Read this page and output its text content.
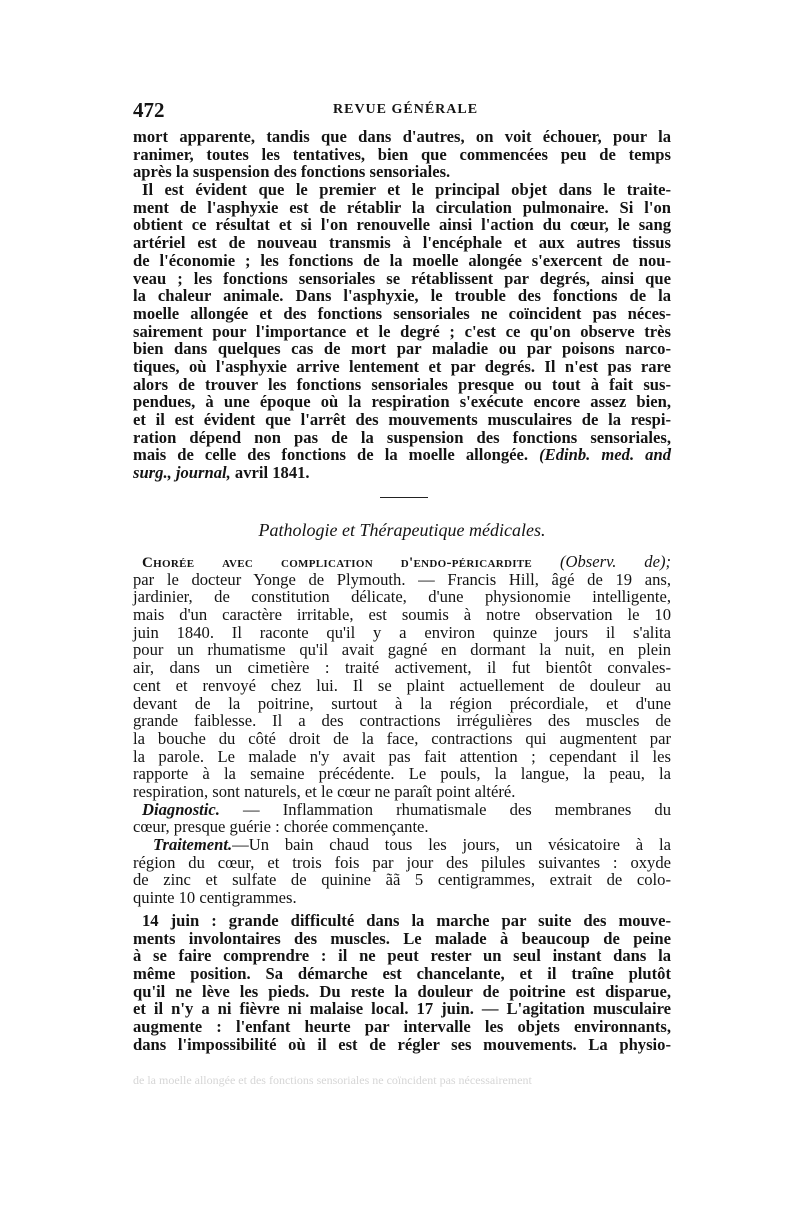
472	REVUE GÉNÉRALE
mort apparente, tandis que dans d'autres, on voit échouer, pour la
ranimer, toutes les tentatives, bien que commencées peu de temps
après la suspension des fonctions sensoriales.
Il est évident que le premier et le principal objet dans le traite-
ment de l'asphyxie est de rétablir la circulation pulmonaire. Si l'on
obtient ce résultat et si l'on renouvelle ainsi l'action du cœur, le sang
artériel est de nouveau transmis à l'encéphale et aux autres tissus
de l'économie ; les fonctions de la moelle alongée s'exercent de nou-
veau ; les fonctions sensoriales se rétablissent par degrés, ainsi que
la chaleur animale. Dans l'asphyxie, le trouble des fonctions de la
moelle allongée et des fonctions sensoriales ne coïncident pas néces-
sairement pour l'importance et le degré ; c'est ce qu'on observe très
bien dans quelques cas de mort par maladie ou par poisons narco-
tiques, où l'asphyxie arrive lentement et par degrés. Il n'est pas rare
alors de trouver les fonctions sensoriales presque ou tout à fait sus-
pendues, à une époque où la respiration s'exécute encore assez bien,
et il est évident que l'arrêt des mouvements musculaires de la respi-
ration dépend non pas de la suspension des fonctions sensoriales,
mais de celle des fonctions de la moelle allongée. (Edinb. med. and
surg., journal, avril 1841.
Pathologie et Thérapeutique médicales.
Chorée avec complication d'endo-péricardite (Observ. de);
par le docteur Yonge de Plymouth. — Francis Hill, âgé de 19 ans,
jardinier, de constitution délicate, d'une physionomie intelligente,
mais d'un caractère irritable, est soumis à notre observation le 10
juin 1840. Il raconte qu'il y a environ quinze jours il s'alita
pour un rhumatisme qu'il avait gagné en dormant la nuit, en plein
air, dans un cimetière : traité activement, il fut bientôt convales-
cent et renvoyé chez lui. Il se plaint actuellement de douleur au
devant de la poitrine, surtout à la région précordiale, et d'une
grande faiblesse. Il a des contractions irrégulières des muscles de
la bouche du côté droit de la face, contractions qui augmentent par
la parole. Le malade n'y avait pas fait attention ; cependant il les
rapporte à la semaine précédente. Le pouls, la langue, la peau, la
respiration, sont naturels, et le cœur ne paraît point altéré.
Diagnostic. — Inflammation rhumatismale des membranes du
cœur, presque guérie : chorée commençante.
Traitement.—Un bain chaud tous les jours, un vésicatoire à la
région du cœur, et trois fois par jour des pilules suivantes : oxyde
de zinc et sulfate de quinine ãã 5 centigrammes, extrait de colo-
quinte 10 centigrammes.
14 juin : grande difficulté dans la marche par suite des mouve-
ments involontaires des muscles. Le malade à beaucoup de peine
à se faire comprendre : il ne peut rester un seul instant dans la
même position. Sa démarche est chancelante, et il traîne plutôt
qu'il ne lève les pieds. Du reste la douleur de poitrine est disparue,
et il n'y a ni fièvre ni malaise local. 17 juin. — L'agitation musculaire
augmente : l'enfant heurte par intervalle les objets environnants,
dans l'impossibilité où il est de régler ses mouvements. La physio-
de la moelle allongée et des fonctions sensoriales ne coïncident pas nécessairement
